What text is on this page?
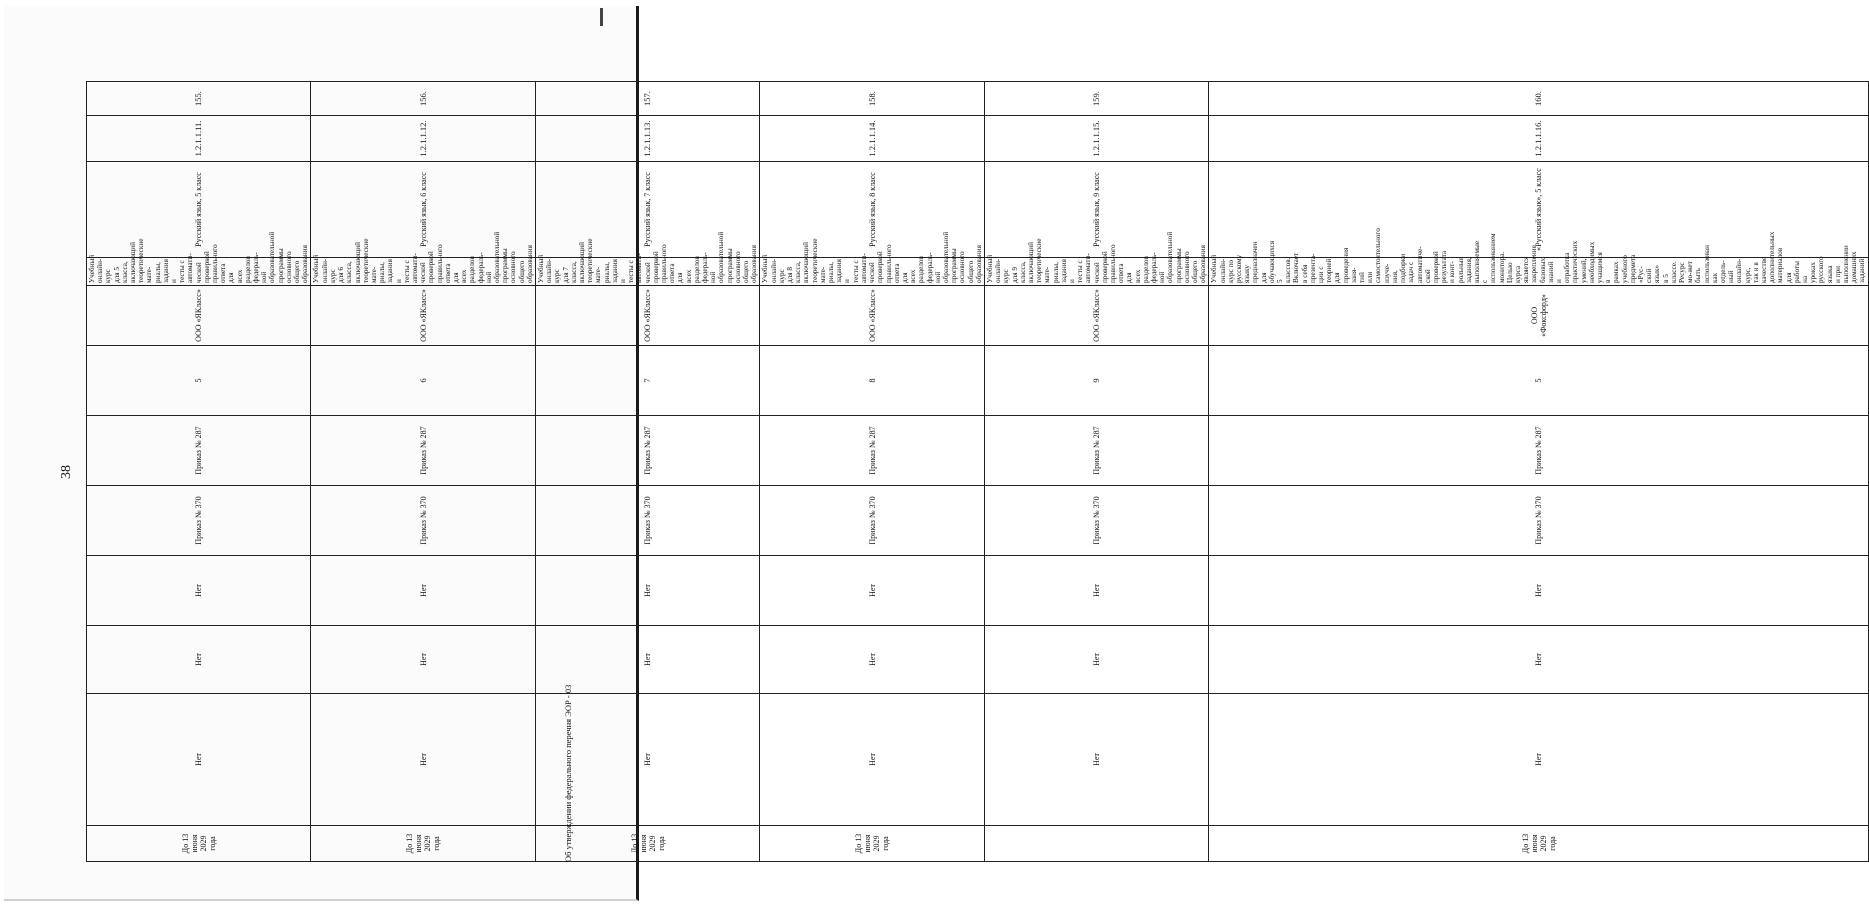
38
До 13 июня 2029 года	Нет	Нет	Нет	Приказ № 370	Приказ № 287	5	ООО «ЯКласс»	Учебный онлайн-курс для 5 класса, включающий теоретические мате-риалы, задания и тесты с автомати-ческой проверкой правильного ответа для всех разделов федераль-ной образовательной программы основного общего образования	Русский язык, 5 класс	1.2.1.1.11.	155.
До 13 июня 2029 года	Нет	Нет	Нет	Приказ № 370	Приказ № 287	6	ООО «ЯКласс»	Учебный онлайн-курс для 6 класса, включающий теоретические мате-риалы, задания и тесты с автомати-ческой проверкой правильного ответа для всех разделов федераль-ной образовательной программы основного общего образования	Русский язык, 6 класс	1.2.1.1.12.	156.
До 13 июня 2029 года	Нет	Нет	Нет	Приказ № 370	Приказ № 287	7	ООО «ЯКласс»	Учебный онлайн-курс для 7 класса, включающий теоретические мате-риалы, задания и тесты с автомати-ческой проверкой правильного ответа для всех разделов федераль-ной образовательной программы основного общего образования	Русский язык, 7 класс	1.2.1.1.13.	157.
До 13 июня 2029 года	Нет	Нет	Нет	Приказ № 370	Приказ № 287	8	ООО «ЯКласс»	Учебный онлайн-курс для 8 класса, включающий теоретические мате-риалы, задания и тесты с автомати-ческой проверкой правильного ответа для всех разделов федераль-ной образовательной программы основного общего образования	Русский язык, 8 класс	1.2.1.1.14.	158.
	Нет	Нет	Нет	Приказ № 370	Приказ № 287	9	ООО «ЯКласс»	Учебный онлайн-курс для 9 класса, включающий теоретические мате-риалы, задания и тесты с автомати-ческой проверкой правильного ответа для всех разделов федераль-ной образовательной программы основного общего образования	Русский язык, 9 класс	1.2.1.1.15.	159.
До 13 июня 2029 года	Нет	Нет	Нет	Приказ № 370	Приказ № 287	5	ООО «Фоксфорд»	Учебный онлайн-курс по русскому языку предназначен для обучающихся 5 классов. Включает в себя презента-ции с теорией для проведения заня-тий или самостоятельного изуче-ния, подборки задач с автоматиче-ской проверкой результата и конт-рольные задания, выполняемые с использованием монитора. Целью курса является закрепление базовых знаний и отработка практических умений, необходимых учащимся в рамках учебного предмета «Рус-ский язык» в 5 классе. Ресурс мо-жет быть использован как отдель-ный онлайн-курс, так и в качестве дополнительных материалов для работы на уроках русского языка и при выполнении домашних заданий	«Русский язык», 5 класс	1.2.1.1.16.	160.
Об утверждении федерального перечня ЭОР - 03
